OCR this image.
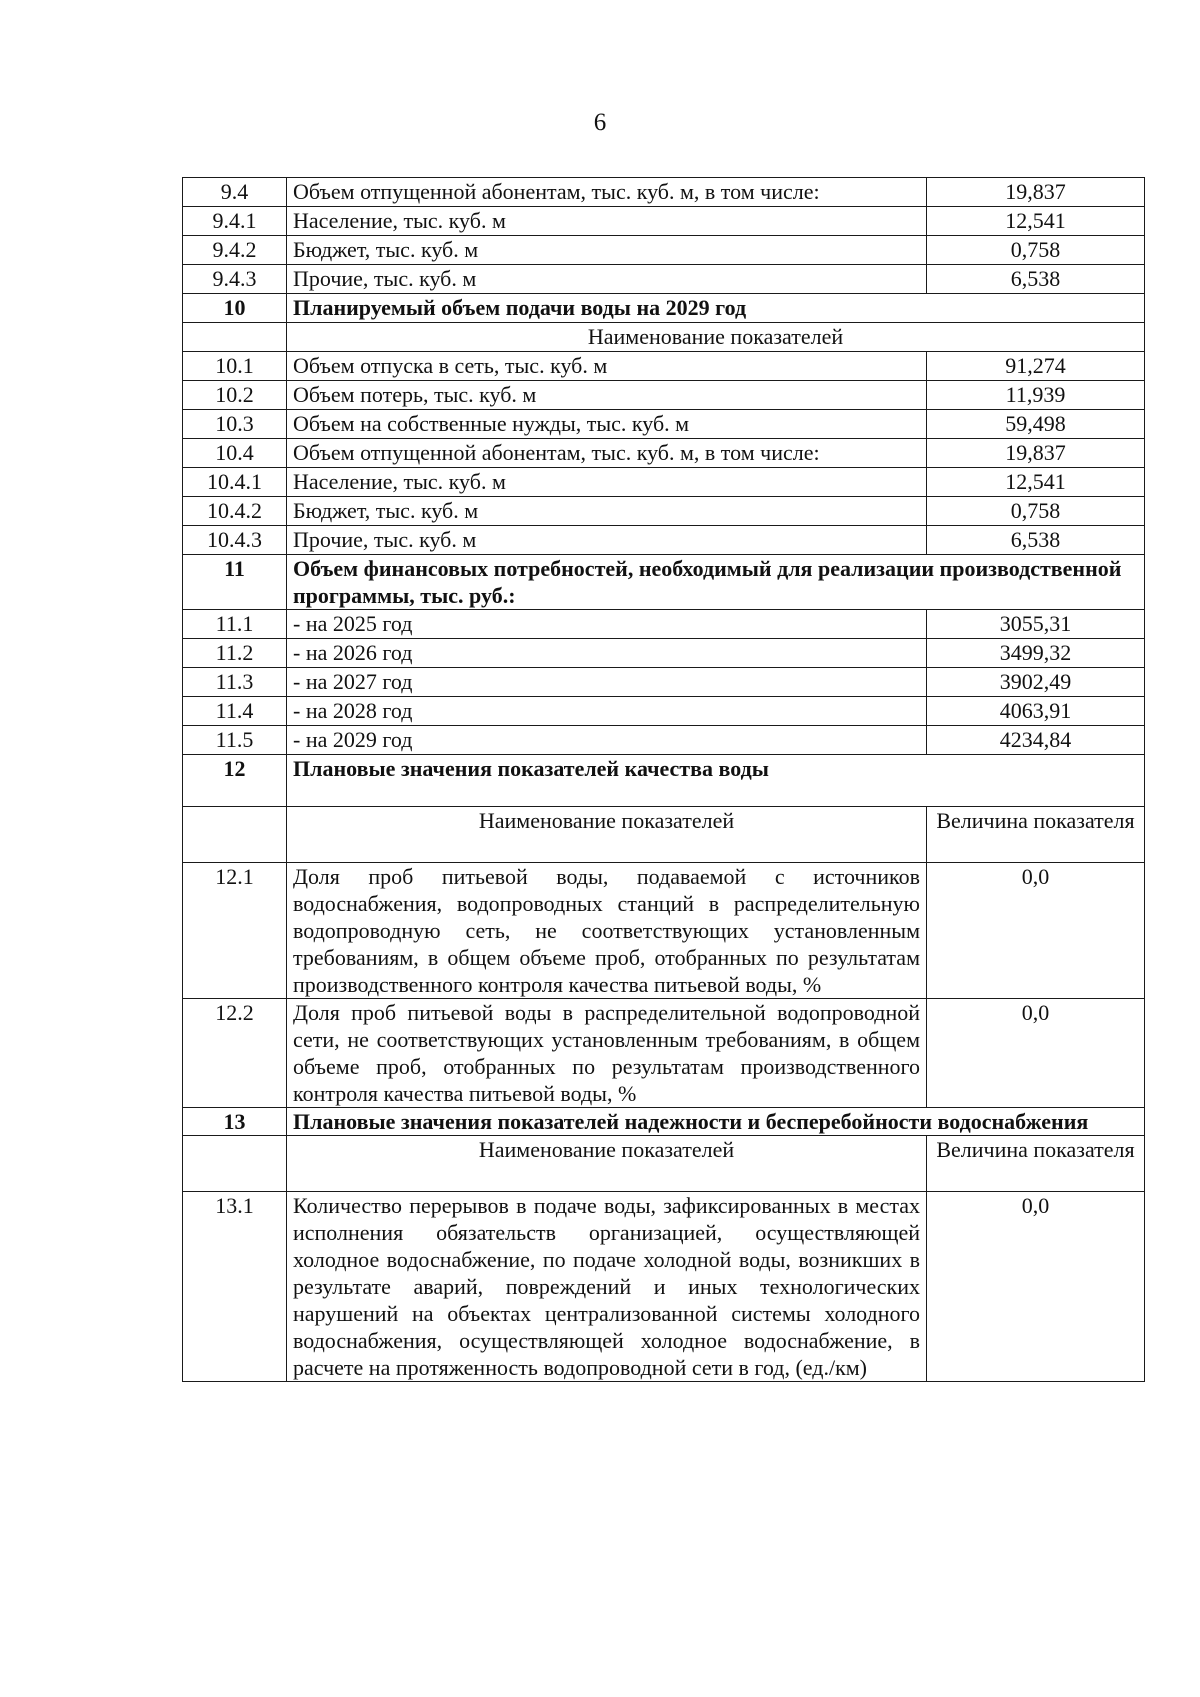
6
9.4	Объем отпущенной абонентам, тыс. куб. м, в том числе:	19,837
9.4.1	Население, тыс. куб. м	12,541
9.4.2	Бюджет, тыс. куб. м	0,758
9.4.3	Прочие, тыс. куб. м	6,538
10	Планируемый объем подачи воды на 2029 год	
	Наименование показателей	
10.1	Объем отпуска в сеть, тыс. куб. м	91,274
10.2	Объем потерь, тыс. куб. м	11,939
10.3	Объем на собственные нужды, тыс. куб. м	59,498
10.4	Объем отпущенной абонентам, тыс. куб. м, в том числе:	19,837
10.4.1	Население, тыс. куб. м	12,541
10.4.2	Бюджет, тыс. куб. м	0,758
10.4.3	Прочие, тыс. куб. м	6,538
11	Объем финансовых потребностей, необходимый для реализации производственной программы, тыс. руб.:	
11.1	- на 2025 год	3055,31
11.2	- на 2026 год	3499,32
11.3	- на 2027 год	3902,49
11.4	- на 2028 год	4063,91
11.5	- на 2029 год	4234,84
12	Плановые значения показателей качества воды	
	Наименование показателей	Величина показателя
12.1	Доля проб питьевой воды, подаваемой с источников водоснабжения, водопроводных станций в распределительную водопроводную сеть, не соответствующих установленным требованиям, в общем объеме проб, отобранных по результатам производственного контроля качества питьевой воды, %	0,0
12.2	Доля проб питьевой воды в распределительной водопроводной сети, не соответствующих установленным требованиям, в общем объеме проб, отобранных по результатам производственного контроля качества питьевой воды, %	0,0
13	Плановые значения показателей надежности и бесперебойности водоснабжения	
	Наименование показателей	Величина показателя
13.1	Количество перерывов в подаче воды, зафиксированных в местах исполнения обязательств организацией, осуществляющей холодное водоснабжение, по подаче холодной воды, возникших в результате аварий, повреждений и иных технологических нарушений на объектах централизованной системы холодного водоснабжения, осуществляющей холодное водоснабжение, в расчете на протяженность водопроводной сети в год, (ед./км)	0,0
